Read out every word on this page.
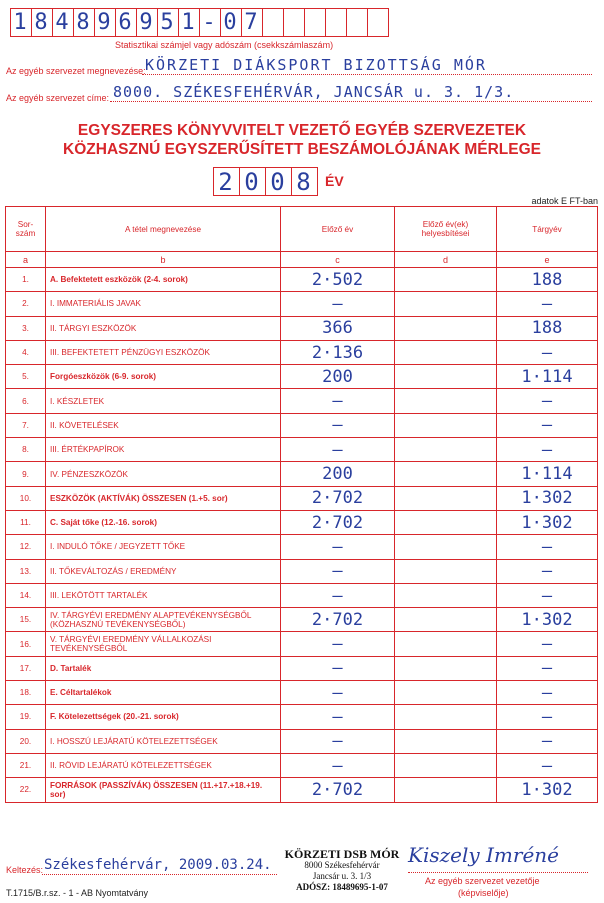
1 8 4 8 9 6 9 5 1 - 0 7
Statisztikai számjel vagy adószám (csekkszámlaszám)
Az egyéb szervezet megnevezése: KÖRZETI DIÁKSPORT BIZOTTSÁG MÓR
Az egyéb szervezet címe: 8000. SZÉKESFEHÉRVÁR, JANCSÁR u. 3. 1/3.
EGYSZERES KÖNYVVITELT VEZETŐ EGYÉB SZERVEZETEK
KÖZHASZNÚ EGYSZERŰSÍTETT BESZÁMOLÓJÁNAK MÉRLEGE
2 0 0 8 ÉV
adatok E FT-ban
Sor-
szám	A tétel megnevezése	Előző év	Előző év(ek)
helyesbítései	Tárgyév
a	b	c	d	e
1.	A. Befektetett eszközök (2-4. sorok)	2·502		188
2.	I. IMMATERIÁLIS JAVAK	–		–
3.	II. TÁRGYI ESZKÖZÖK	366		188
4.	III. BEFEKTETETT PÉNZÜGYI ESZKÖZÖK	2·136		–
5.	Forgóeszközök (6-9. sorok)	200		1·114
6.	I. KÉSZLETEK	–		–
7.	II. KÖVETELÉSEK	–		–
8.	III. ÉRTÉKPAPÍROK	–		–
9.	IV. PÉNZESZKÖZÖK	200		1·114
10.	ESZKÖZÖK (AKTÍVÁK) ÖSSZESEN (1.+5. sor)	2·702		1·302
11.	C. Saját tőke (12.-16. sorok)	2·702		1·302
12.	I. INDULÓ TŐKE / JEGYZETT TŐKE	–		–
13.	II. TŐKEVÁLTOZÁS / EREDMÉNY	–		–
14.	III. LEKÖTÖTT TARTALÉK	–		–
15.	IV. TÁRGYÉVI EREDMÉNY ALAPTEVÉKENYSÉGBŐL (KÖZHASZNÚ TEVÉKENYSÉGBŐL)	2·702		1·302
16.	V. TÁRGYÉVI EREDMÉNY VÁLLALKOZÁSI TEVÉKENYSÉGBŐL	–		–
17.	D. Tartalék	–		–
18.	E. Céltartalékok	–		–
19.	F. Kötelezettségek (20.-21. sorok)	–		–
20.	I. HOSSZÚ LEJÁRATÚ KÖTELEZETTSÉGEK	–		–
21.	II. RÖVID LEJÁRATÚ KÖTELEZETTSÉGEK	–		–
22.	FORRÁSOK (PASSZÍVÁK) ÖSSZESEN (11.+17.+18.+19. sor)	2·702		1·302
Keltezés: Székesfehérvár, 2009.03.24.
T.1715/B.r.sz. - 1 - AB Nyomtatvány
KÖRZETI DSB MÓR
8000 Székesfehérvár
Jancsár u. 3. 1/3
ADÓSZ: 18489695-1-07
Kiszely Imréné
Az egyéb szervezet vezetője
(képviselője)
